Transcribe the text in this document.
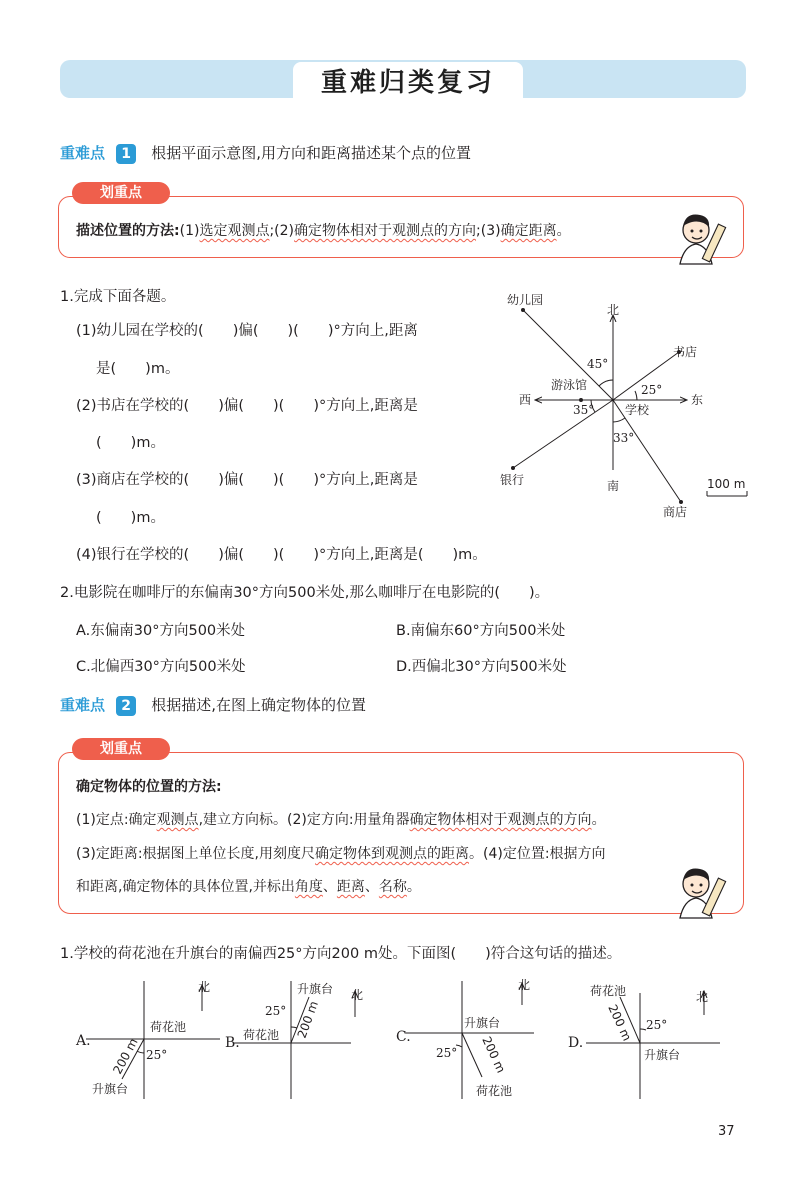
重难归类复习
重难点 1 根据平面示意图,用方向和距离描述某个点的位置
划重点
描述位置的方法:(1)选定观测点;(2)确定物体相对于观测点的方向;(3)确定距离。
1.完成下面各题。
(1)幼儿园在学校的(　　)偏(　　)(　　)°方向上,距离
是(　　)m。
(2)书店在学校的(　　)偏(　　)(　　)°方向上,距离是
(　　)m。
(3)商店在学校的(　　)偏(　　)(　　)°方向上,距离是
(　　)m。
(4)银行在学校的(　　)偏(　　)(　　)°方向上,距离是(　　)m。
北
南
东
西
幼儿园
书店
游泳馆
学校
银行
商店
45°
25°
35°
33°
100 m
2.电影院在咖啡厅的东偏南30°方向500米处,那么咖啡厅在电影院的(　　)。
A.东偏南30°方向500米处	B.南偏东60°方向500米处
C.北偏西30°方向500米处	D.西偏北30°方向500米处
重难点 2 根据描述,在图上确定物体的位置
划重点
确定物体的位置的方法:
(1)定点:确定观测点,建立方向标。(2)定方向:用量角器确定物体相对于观测点的方向。
(3)定距离:根据图上单位长度,用刻度尺确定物体到观测点的距离。(4)定位置:根据方向
和距离,确定物体的具体位置,并标出角度、距离、名称。
1.学校的荷花池在升旗台的南偏西25°方向200 m处。下面图(　　)符合这句话的描述。
A.
北
荷花池
25°
升旗台
200 m	B.
北
升旗台
25°
荷花池 200 m	C.
北
升旗台
25°
荷花池
200 m	D.
北
荷花池
25°
升旗台
200 m
37
